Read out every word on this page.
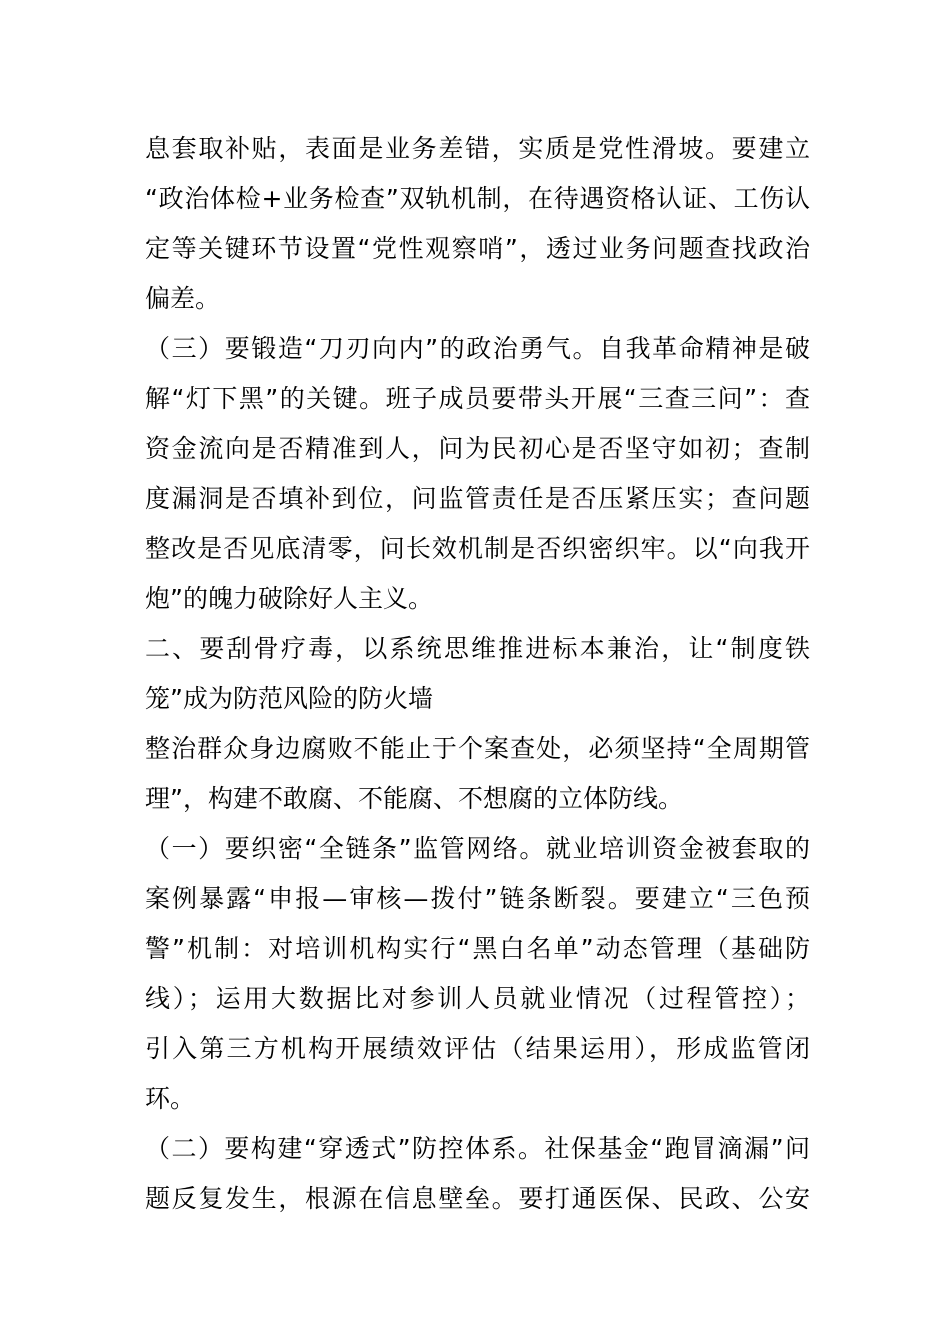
息套取补贴，表面是业务差错，实质是党性滑坡。要建立
“政治体检+业务检查”双轨机制，在待遇资格认证、工伤认
定等关键环节设置“党性观察哨”，透过业务问题查找政治
偏差。
（三）要锻造“刀刃向内”的政治勇气。自我革命精神是破
解“灯下黑”的关键。班子成员要带头开展“三查三问”：查
资金流向是否精准到人，问为民初心是否坚守如初；查制
度漏洞是否填补到位，问监管责任是否压紧压实；查问题
整改是否见底清零，问长效机制是否织密织牢。以“向我开
炮”的魄力破除好人主义。
二、要刮骨疗毒，以系统思维推进标本兼治，让“制度铁
笼”成为防范风险的防火墙
整治群众身边腐败不能止于个案查处，必须坚持“全周期管
理”，构建不敢腐、不能腐、不想腐的立体防线。
（一）要织密“全链条”监管网络。就业培训资金被套取的
案例暴露“申报—审核—拨付”链条断裂。要建立“三色预
警”机制：对培训机构实行“黑白名单”动态管理（基础防
线）；运用大数据比对参训人员就业情况（过程管控）；
引入第三方机构开展绩效评估（结果运用），形成监管闭
环。
（二）要构建“穿透式”防控体系。社保基金“跑冒滴漏”问
题反复发生，根源在信息壁垒。要打通医保、民政、公安
